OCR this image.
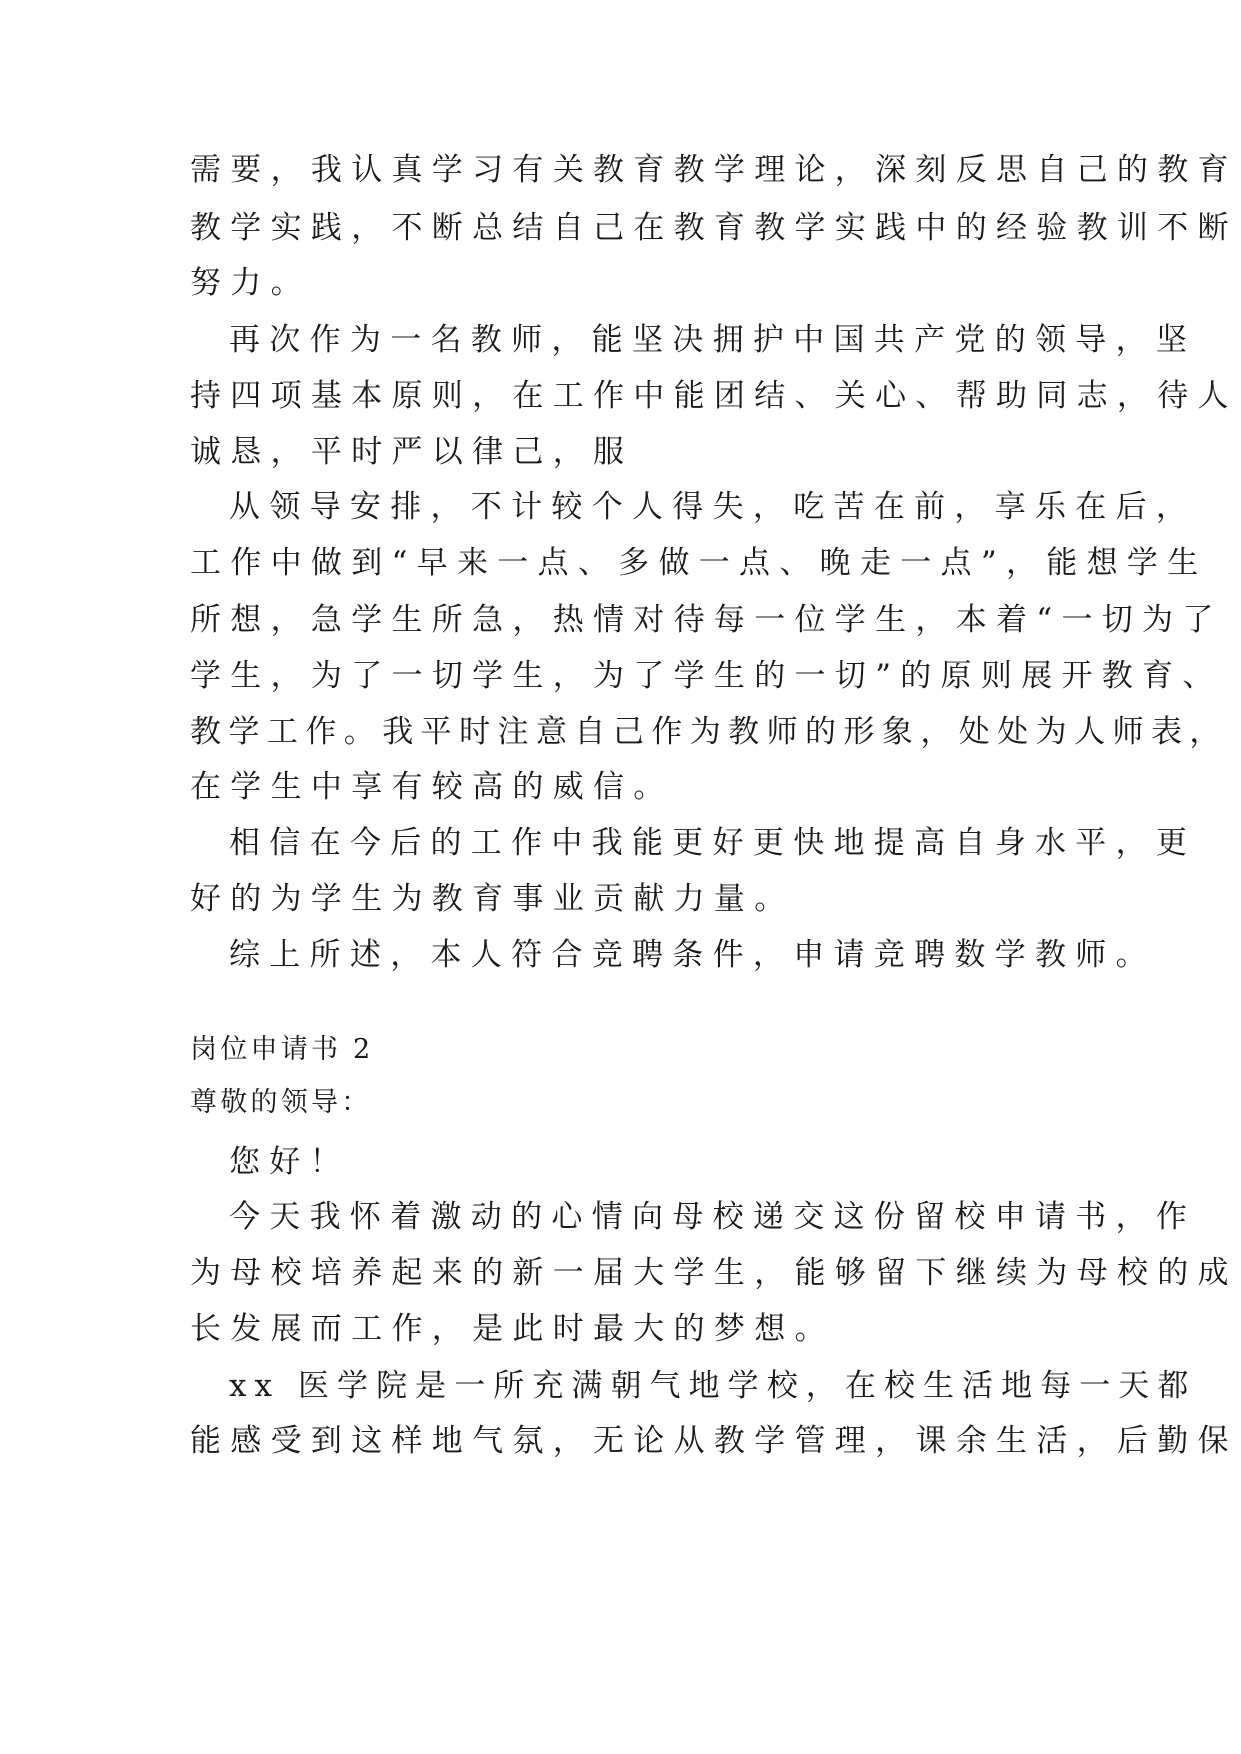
需要，我认真学习有关教育教学理论，深刻反思自己的教育
教学实践，不断总结自己在教育教学实践中的经验教训不断
努力。
再次作为一名教师，能坚决拥护中国共产党的领导，坚
持四项基本原则，在工作中能团结、关心、帮助同志，待人
诚恳，平时严以律己，服
从领导安排，不计较个人得失，吃苦在前，享乐在后，
工作中做到“早来一点、多做一点、晚走一点”，能想学生
所想，急学生所急，热情对待每一位学生，本着“一切为了
学生，为了一切学生，为了学生的一切”的原则展开教育、
教学工作。我平时注意自己作为教师的形象，处处为人师表，
在学生中享有较高的威信。
相信在今后的工作中我能更好更快地提高自身水平，更
好的为学生为教育事业贡献力量。
综上所述，本人符合竞聘条件，申请竞聘数学教师。
岗位申请书 2
尊敬的领导：
您好！
今天我怀着激动的心情向母校递交这份留校申请书，作
为母校培养起来的新一届大学生，能够留下继续为母校的成
长发展而工作，是此时最大的梦想。
xx 医学院是一所充满朝气地学校，在校生活地每一天都
能感受到这样地气氛，无论从教学管理，课余生活，后勤保
